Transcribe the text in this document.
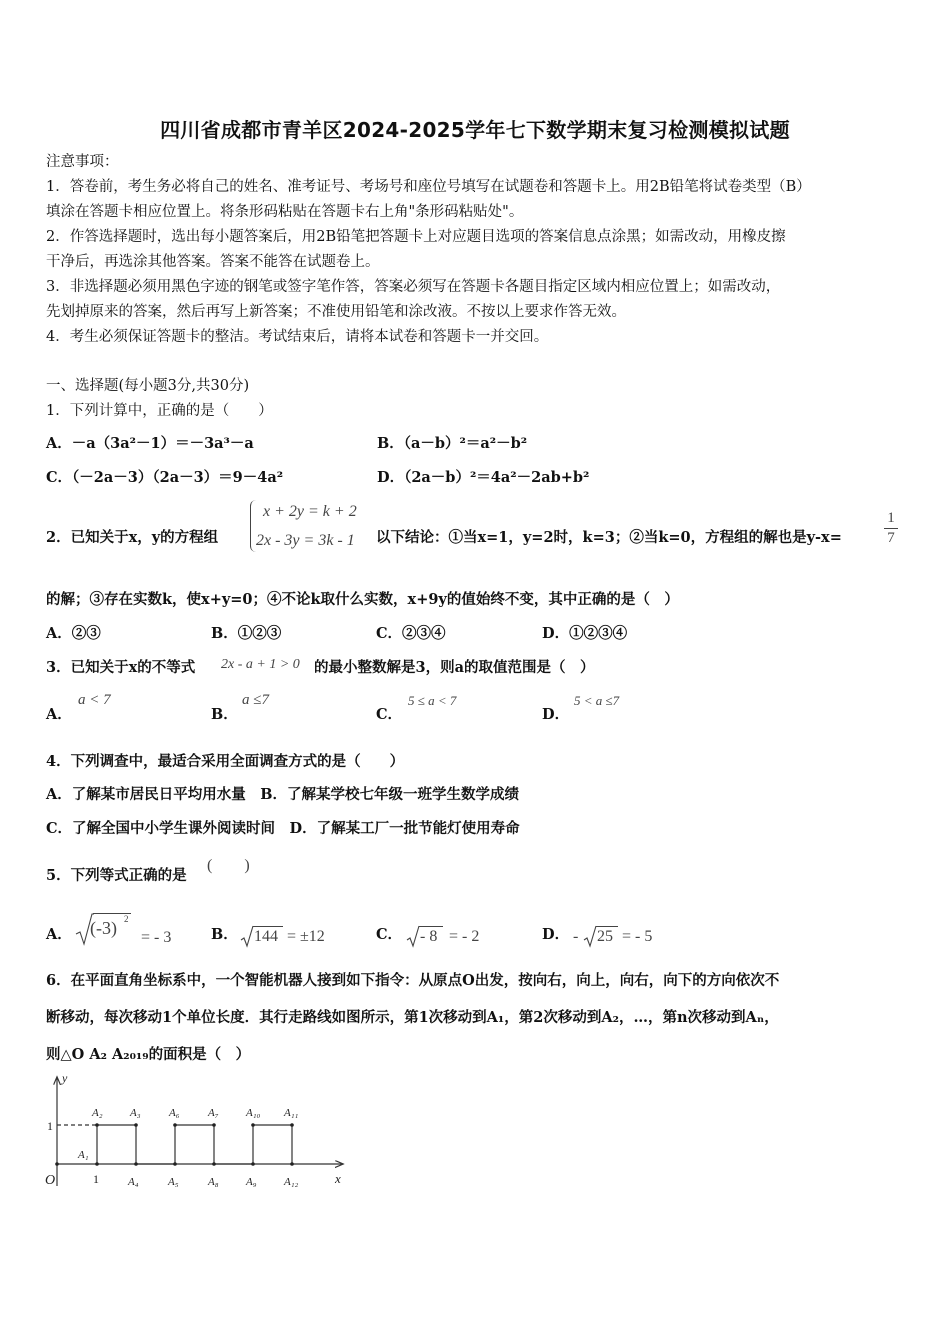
四川省成都市青羊区2024-2025学年七下数学期末复习检测模拟试题
注意事项：
1．答卷前，考生务必将自己的姓名、准考证号、考场号和座位号填写在试题卷和答题卡上。用2B铅笔将试卷类型（B）
填涂在答题卡相应位置上。将条形码粘贴在答题卡右上角"条形码粘贴处"。
2．作答选择题时，选出每小题答案后，用2B铅笔把答题卡上对应题目选项的答案信息点涂黑；如需改动，用橡皮擦
干净后，再选涂其他答案。答案不能答在试题卷上。
3．非选择题必须用黑色字迹的钢笔或签字笔作答，答案必须写在答题卡各题目指定区域内相应位置上；如需改动，
先划掉原来的答案，然后再写上新答案；不准使用铅笔和涂改液。不按以上要求作答无效。
4．考生必须保证答题卡的整洁。考试结束后，请将本试卷和答题卡一并交回。
一、选择题(每小题3分,共30分)
1．下列计算中，正确的是（　　）
A．－a（3a²－1）＝－3a³－a	B．（a－b）²＝a²－b²
C．（－2a－3）（2a－3）＝9－4a²	D．（2a－b）²＝4a²－2ab+b²
2．已知关于x，y的方程组
x + 2y = k + 2
2x - 3y = 3k - 1 以下结论：①当x=1，y=2时，k=3；②当k=0，方程组的解也是y-x=
1
7
的解；③存在实数k，使x+y=0；④不论k取什么实数，x+9y的值始终不变，其中正确的是（　）
A．②③	B．①②③	C．②③④	D．①②③④
3．已知关于x的不等式 2x - a + 1 > 0 的最小整数解是3，则a的取值范围是（　）
A．
a < 7
B．
a ≤7
C．
5 ≤ a < 7
D．
5 < a ≤7
4．下列调查中，最适合采用全面调查方式的是（　　）
A．了解某市居民日平均用水量　B．了解某学校七年级一班学生数学成绩
C．了解全国中小学生课外阅读时间　D．了解某工厂一批节能灯使用寿命
5．下列等式正确的是
(　　)
A． (-3) 2
= - 3	B． 144 = ±12	C． - 8 = - 2	D． - 25 = - 5
6．在平面直角坐标系中，一个智能机器人接到如下指令：从原点O出发，按向右，向上，向右，向下的方向依次不
断移动，每次移动1个单位长度．其行走路线如图所示，第1次移动到A₁，第2次移动到A₂，…，第n次移动到Aₙ，
则△O A₂ A₂₀₁₉的面积是（　）
y
x
O
1
1
A₁
A₂ A₃	A₆	A₇ A₁₀ A₁₁
A₄	A₅	A₈ A₉ A₁₂
